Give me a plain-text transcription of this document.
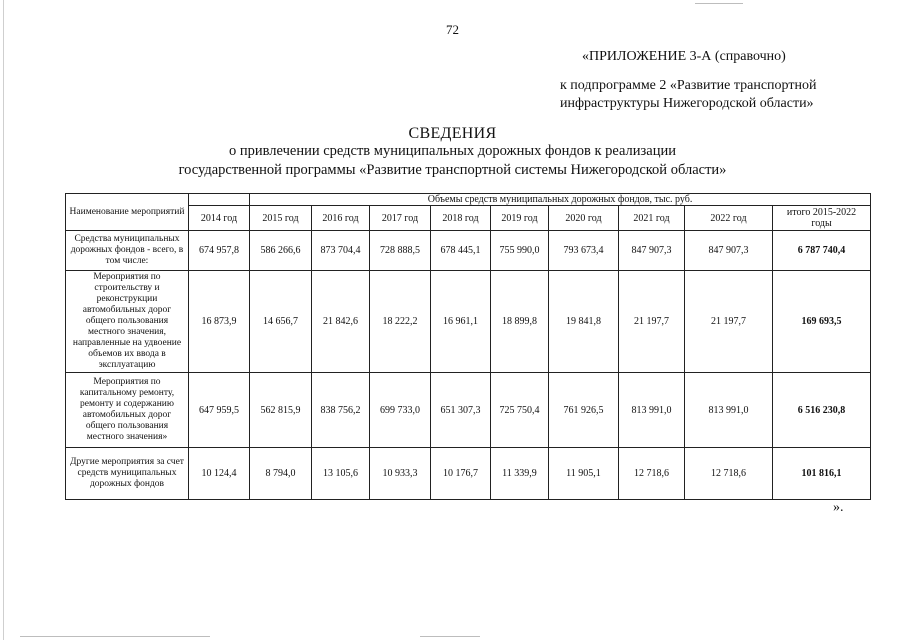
72
«ПРИЛОЖЕНИЕ 3-А (справочно)
к подпрограмме 2 «Развитие транспортной
инфраструктуры Нижегородской области»
СВЕДЕНИЯ
о привлечении средств муниципальных дорожных фондов к реализации
государственной программы «Развитие транспортной системы Нижегородской области»
Наименование мероприятий		Объемы средств муниципальных дорожных фондов, тыс. руб.								
	2014 год	2015 год	2016 год	2017 год	2018 год	2019 год	2020 год	2021 год	2022 год	итого 2015-2022 годы
Средства муниципальных дорожных фондов - всего, в том числе:	674 957,8	586 266,6	873 704,4	728 888,5	678 445,1	755 990,0	793 673,4	847 907,3	847 907,3	6 787 740,4
Мероприятия по строительству и реконструкции автомобильных дорог общего пользования местного значения, направленные на удвоение объемов их ввода в эксплуатацию	16 873,9	14 656,7	21 842,6	18 222,2	16 961,1	18 899,8	19 841,8	21 197,7	21 197,7	169 693,5
Мероприятия по капитальному ремонту, ремонту и содержанию автомобильных дорог общего пользования местного значения»	647 959,5	562 815,9	838 756,2	699 733,0	651 307,3	725 750,4	761 926,5	813 991,0	813 991,0	6 516 230,8
Другие мероприятия за счет средств муниципальных дорожных фондов	10 124,4	8 794,0	13 105,6	10 933,3	10 176,7	11 339,9	11 905,1	12 718,6	12 718,6	101 816,1
».
